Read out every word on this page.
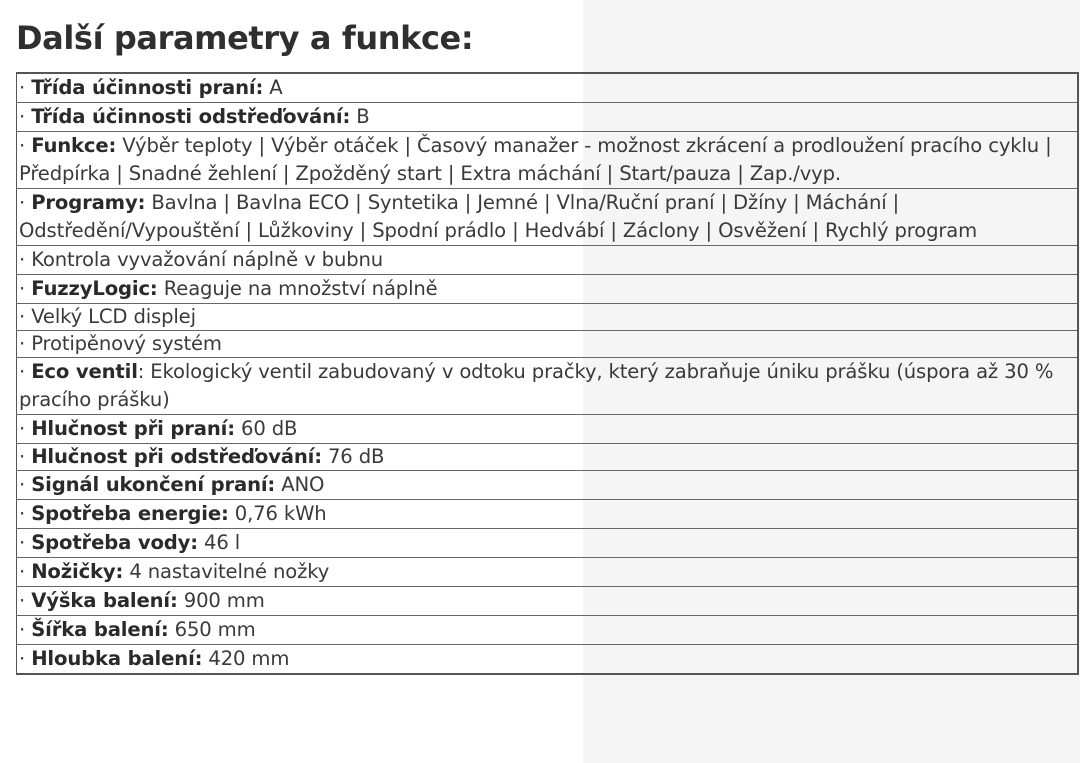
Další parametry a funkce:
· Třída účinnosti praní: A
· Třída účinnosti odstřeďování: B
· Funkce: Výběr teploty | Výběr otáček | Časový manažer - možnost zkrácení a prodloužení pracího cyklu | Předpírka | Snadné žehlení | Zpožděný start | Extra máchání | Start/pauza | Zap./vyp.
· Programy: Bavlna | Bavlna ECO | Syntetika | Jemné | Vlna/Ruční praní | Džíny | Máchání | Odstředění/Vypouštění | Lůžkoviny | Spodní prádlo | Hedvábí | Záclony | Osvěžení | Rychlý program
· Kontrola vyvažování náplně v bubnu
· FuzzyLogic: Reaguje na množství náplně
· Velký LCD displej
· Protipěnový systém
· Eco ventil: Ekologický ventil zabudovaný v odtoku pračky, který zabraňuje úniku prášku (úspora až 30 % pracího prášku)
· Hlučnost při praní: 60 dB
· Hlučnost při odstřeďování: 76 dB
· Signál ukončení praní: ANO
· Spotřeba energie: 0,76 kWh
· Spotřeba vody: 46 l
· Nožičky: 4 nastavitelné nožky
· Výška balení: 900 mm
· Šířka balení: 650 mm
· Hloubka balení: 420 mm
